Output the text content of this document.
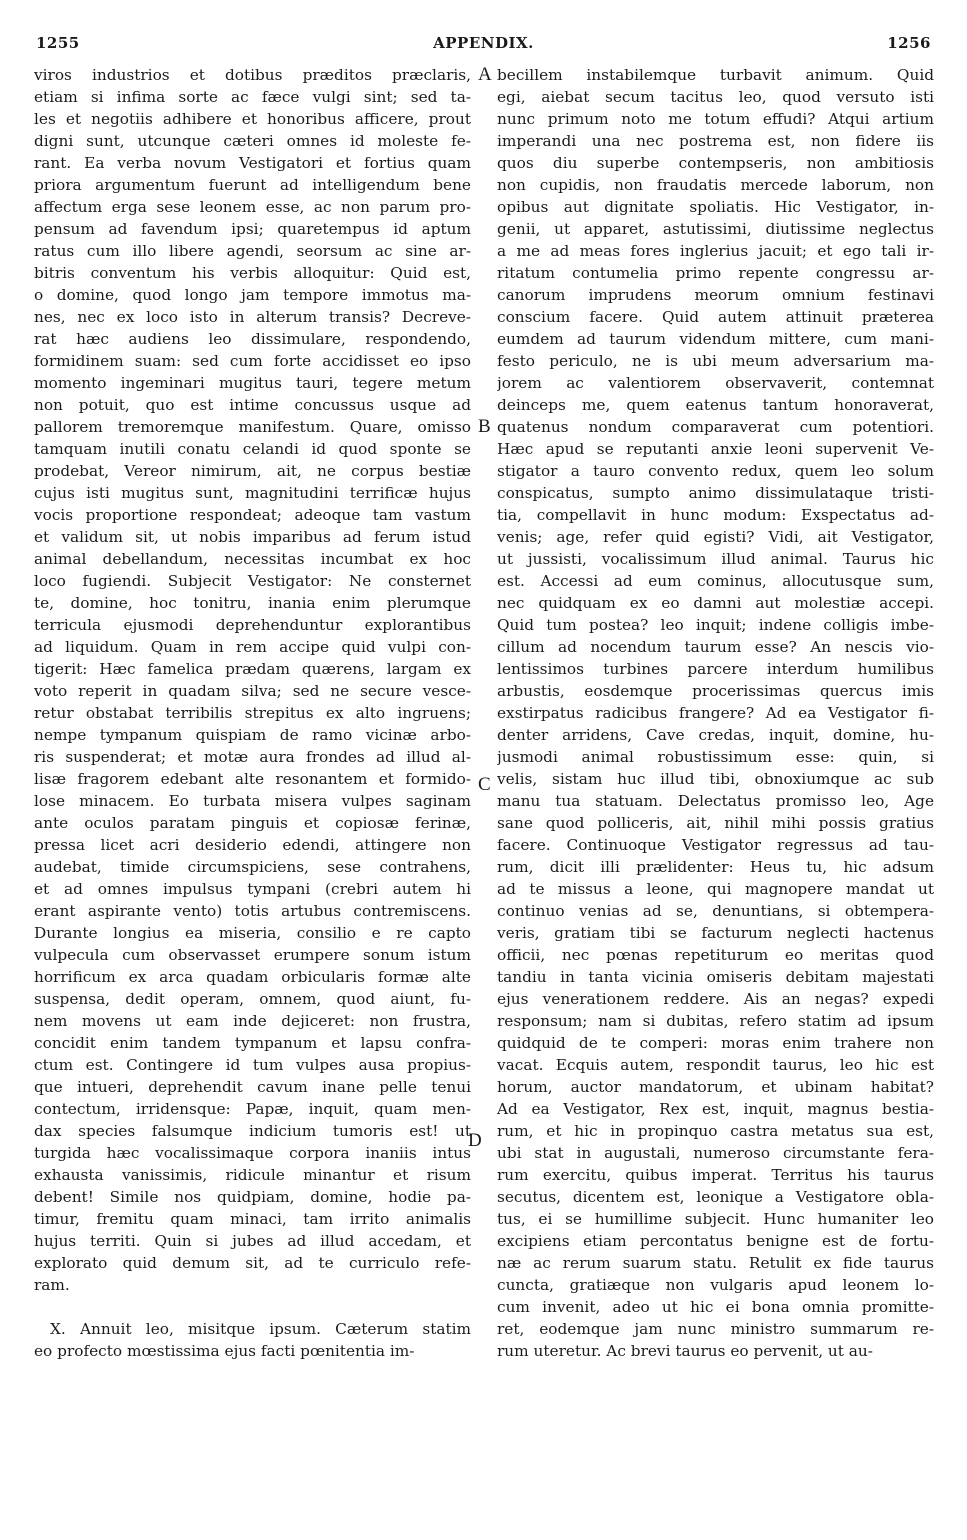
1255	APPENDIX.	1256
viros industrios et dotibus præditos præclaris,
etiam si infima sorte ac fæce vulgi sint; sed ta-
les et negotiis adhibere et honoribus afficere, prout
digni sunt, utcunque cæteri omnes id moleste fe-
rant. Ea verba novum Vestigatori et fortius quam
priora argumentum fuerunt ad intelligendum bene
affectum erga sese leonem esse, ac non parum pro-
pensum ad favendum ipsi; quaretempus id aptum
ratus cum illo libere agendi, seorsum ac sine ar-
bitris conventum his verbis alloquitur: Quid est,
o domine, quod longo jam tempore immotus ma-
nes, nec ex loco isto in alterum transis? Decreve-
rat hæc audiens leo dissimulare, respondendo,
formidinem suam: sed cum forte accidisset eo ipso
momento ingeminari mugitus tauri, tegere metum
non potuit, quo est intime concussus usque ad
pallorem tremoremque manifestum. Quare, omisso
tamquam inutili conatu celandi id quod sponte se
prodebat, Vereor nimirum, ait, ne corpus bestiæ
cujus isti mugitus sunt, magnitudini terrificæ hujus
vocis proportione respondeat; adeoque tam vastum
et validum sit, ut nobis imparibus ad ferum istud
animal debellandum, necessitas incumbat ex hoc
loco fugiendi. Subjecit Vestigator: Ne consternet
te, domine, hoc tonitru, inania enim plerumque
terricula ejusmodi deprehenduntur explorantibus
ad liquidum. Quam in rem accipe quid vulpi con-
tigerit: Hæc famelica prædam quærens, largam ex
voto reperit in quadam silva; sed ne secure vesce-
retur obstabat terribilis strepitus ex alto ingruens;
nempe tympanum quispiam de ramo vicinæ arbo-
ris suspenderat; et motæ aura frondes ad illud al-
lisæ fragorem edebant alte resonantem et formido-
lose minacem. Eo turbata misera vulpes saginam
ante oculos paratam pinguis et copiosæ ferinæ,
pressa licet acri desiderio edendi, attingere non
audebat, timide circumspiciens, sese contrahens,
et ad omnes impulsus tympani (crebri autem hi
erant aspirante vento) totis artubus contremiscens.
Durante longius ea miseria, consilio e re capto
vulpecula cum observasset erumpere sonum istum
horrificum ex arca quadam orbicularis formæ alte
suspensa, dedit operam, omnem, quod aiunt, fu-
nem movens ut eam inde dejiceret: non frustra,
concidit enim tandem tympanum et lapsu confra-
ctum est. Contingere id tum vulpes ausa propius-
que intueri, deprehendit cavum inane pelle tenui
contectum, irridensque: Papæ, inquit, quam men-
dax species falsumque indicium tumoris est! ut
turgida hæc vocalissimaque corpora inaniis intus
exhausta vanissimis, ridicule minantur et risum
debent! Simile nos quidpiam, domine, hodie pa-
timur, fremitu quam minaci, tam irrito animalis
hujus territi. Quin si jubes ad illud accedam, et
explorato quid demum sit, ad te curriculo refe-
ram.
X. Annuit leo, misitque ipsum. Cæterum statim
eo profecto mœstissima ejus facti pœnitentia im-
becillem instabilemque turbavit animum. Quid
egi, aiebat secum tacitus leo, quod versuto isti
nunc primum noto me totum effudi? Atqui artium
imperandi una nec postrema est, non fidere iis
quos diu superbe contempseris, non ambitiosis
non cupidis, non fraudatis mercede laborum, non
opibus aut dignitate spoliatis. Hic Vestigator, in-
genii, ut apparet, astutissimi, diutissime neglectus
a me ad meas fores inglerius jacuit; et ego tali ir-
ritatum contumelia primo repente congressu ar-
canorum imprudens meorum omnium festinavi
conscium facere. Quid autem attinuit præterea
eumdem ad taurum videndum mittere, cum mani-
festo periculo, ne is ubi meum adversarium ma-
jorem ac valentiorem observaverit, contemnat
deinceps me, quem eatenus tantum honoraverat,
quatenus nondum comparaverat cum potentiori.
Hæc apud se reputanti anxie leoni supervenit Ve-
stigator a tauro convento redux, quem leo solum
conspicatus, sumpto animo dissimulataque tristi-
tia, compellavit in hunc modum: Exspectatus ad-
venis; age, refer quid egisti? Vidi, ait Vestigator,
ut jussisti, vocalissimum illud animal. Taurus hic
est. Accessi ad eum cominus, allocutusque sum,
nec quidquam ex eo damni aut molestiæ accepi.
Quid tum postea? leo inquit; indene colligis imbe-
cillum ad nocendum taurum esse? An nescis vio-
lentissimos turbines parcere interdum humilibus
arbustis, eosdemque procerissimas quercus imis
exstirpatus radicibus frangere? Ad ea Vestigator fi-
denter arridens, Cave credas, inquit, domine, hu-
jusmodi animal robustissimum esse: quin, si
velis, sistam huc illud tibi, obnoxiumque ac sub
manu tua statuam. Delectatus promisso leo, Age
sane quod polliceris, ait, nihil mihi possis gratius
facere. Continuoque Vestigator regressus ad tau-
rum, dicit illi prælidenter: Heus tu, hic adsum
ad te missus a leone, qui magnopere mandat ut
continuo venias ad se, denuntians, si obtempera-
veris, gratiam tibi se facturum neglecti hactenus
officii, nec pœnas repetiturum eo meritas quod
tandiu in tanta vicinia omiseris debitam majestati
ejus venerationem reddere. Ais an negas? expedi
responsum; nam si dubitas, refero statim ad ipsum
quidquid de te comperi: moras enim trahere non
vacat. Ecquis autem, respondit taurus, leo hic est
horum, auctor mandatorum, et ubinam habitat?
Ad ea Vestigator, Rex est, inquit, magnus bestia-
rum, et hic in propinquo castra metatus sua est,
ubi stat in augustali, numeroso circumstante fera-
rum exercitu, quibus imperat. Territus his taurus
secutus, dicentem est, leonique a Vestigatore obla-
tus, ei se humillime subjecit. Hunc humaniter leo
excipiens etiam percontatus benigne est de fortu-
næ ac rerum suarum statu. Retulit ex fide taurus
cuncta, gratiæque non vulgaris apud leonem lo-
cum invenit, adeo ut hic ei bona omnia promitte-
ret, eodemque jam nunc ministro summarum re-
rum uteretur. Ac brevi taurus eo pervenit, ut au-
A
B
C
D
